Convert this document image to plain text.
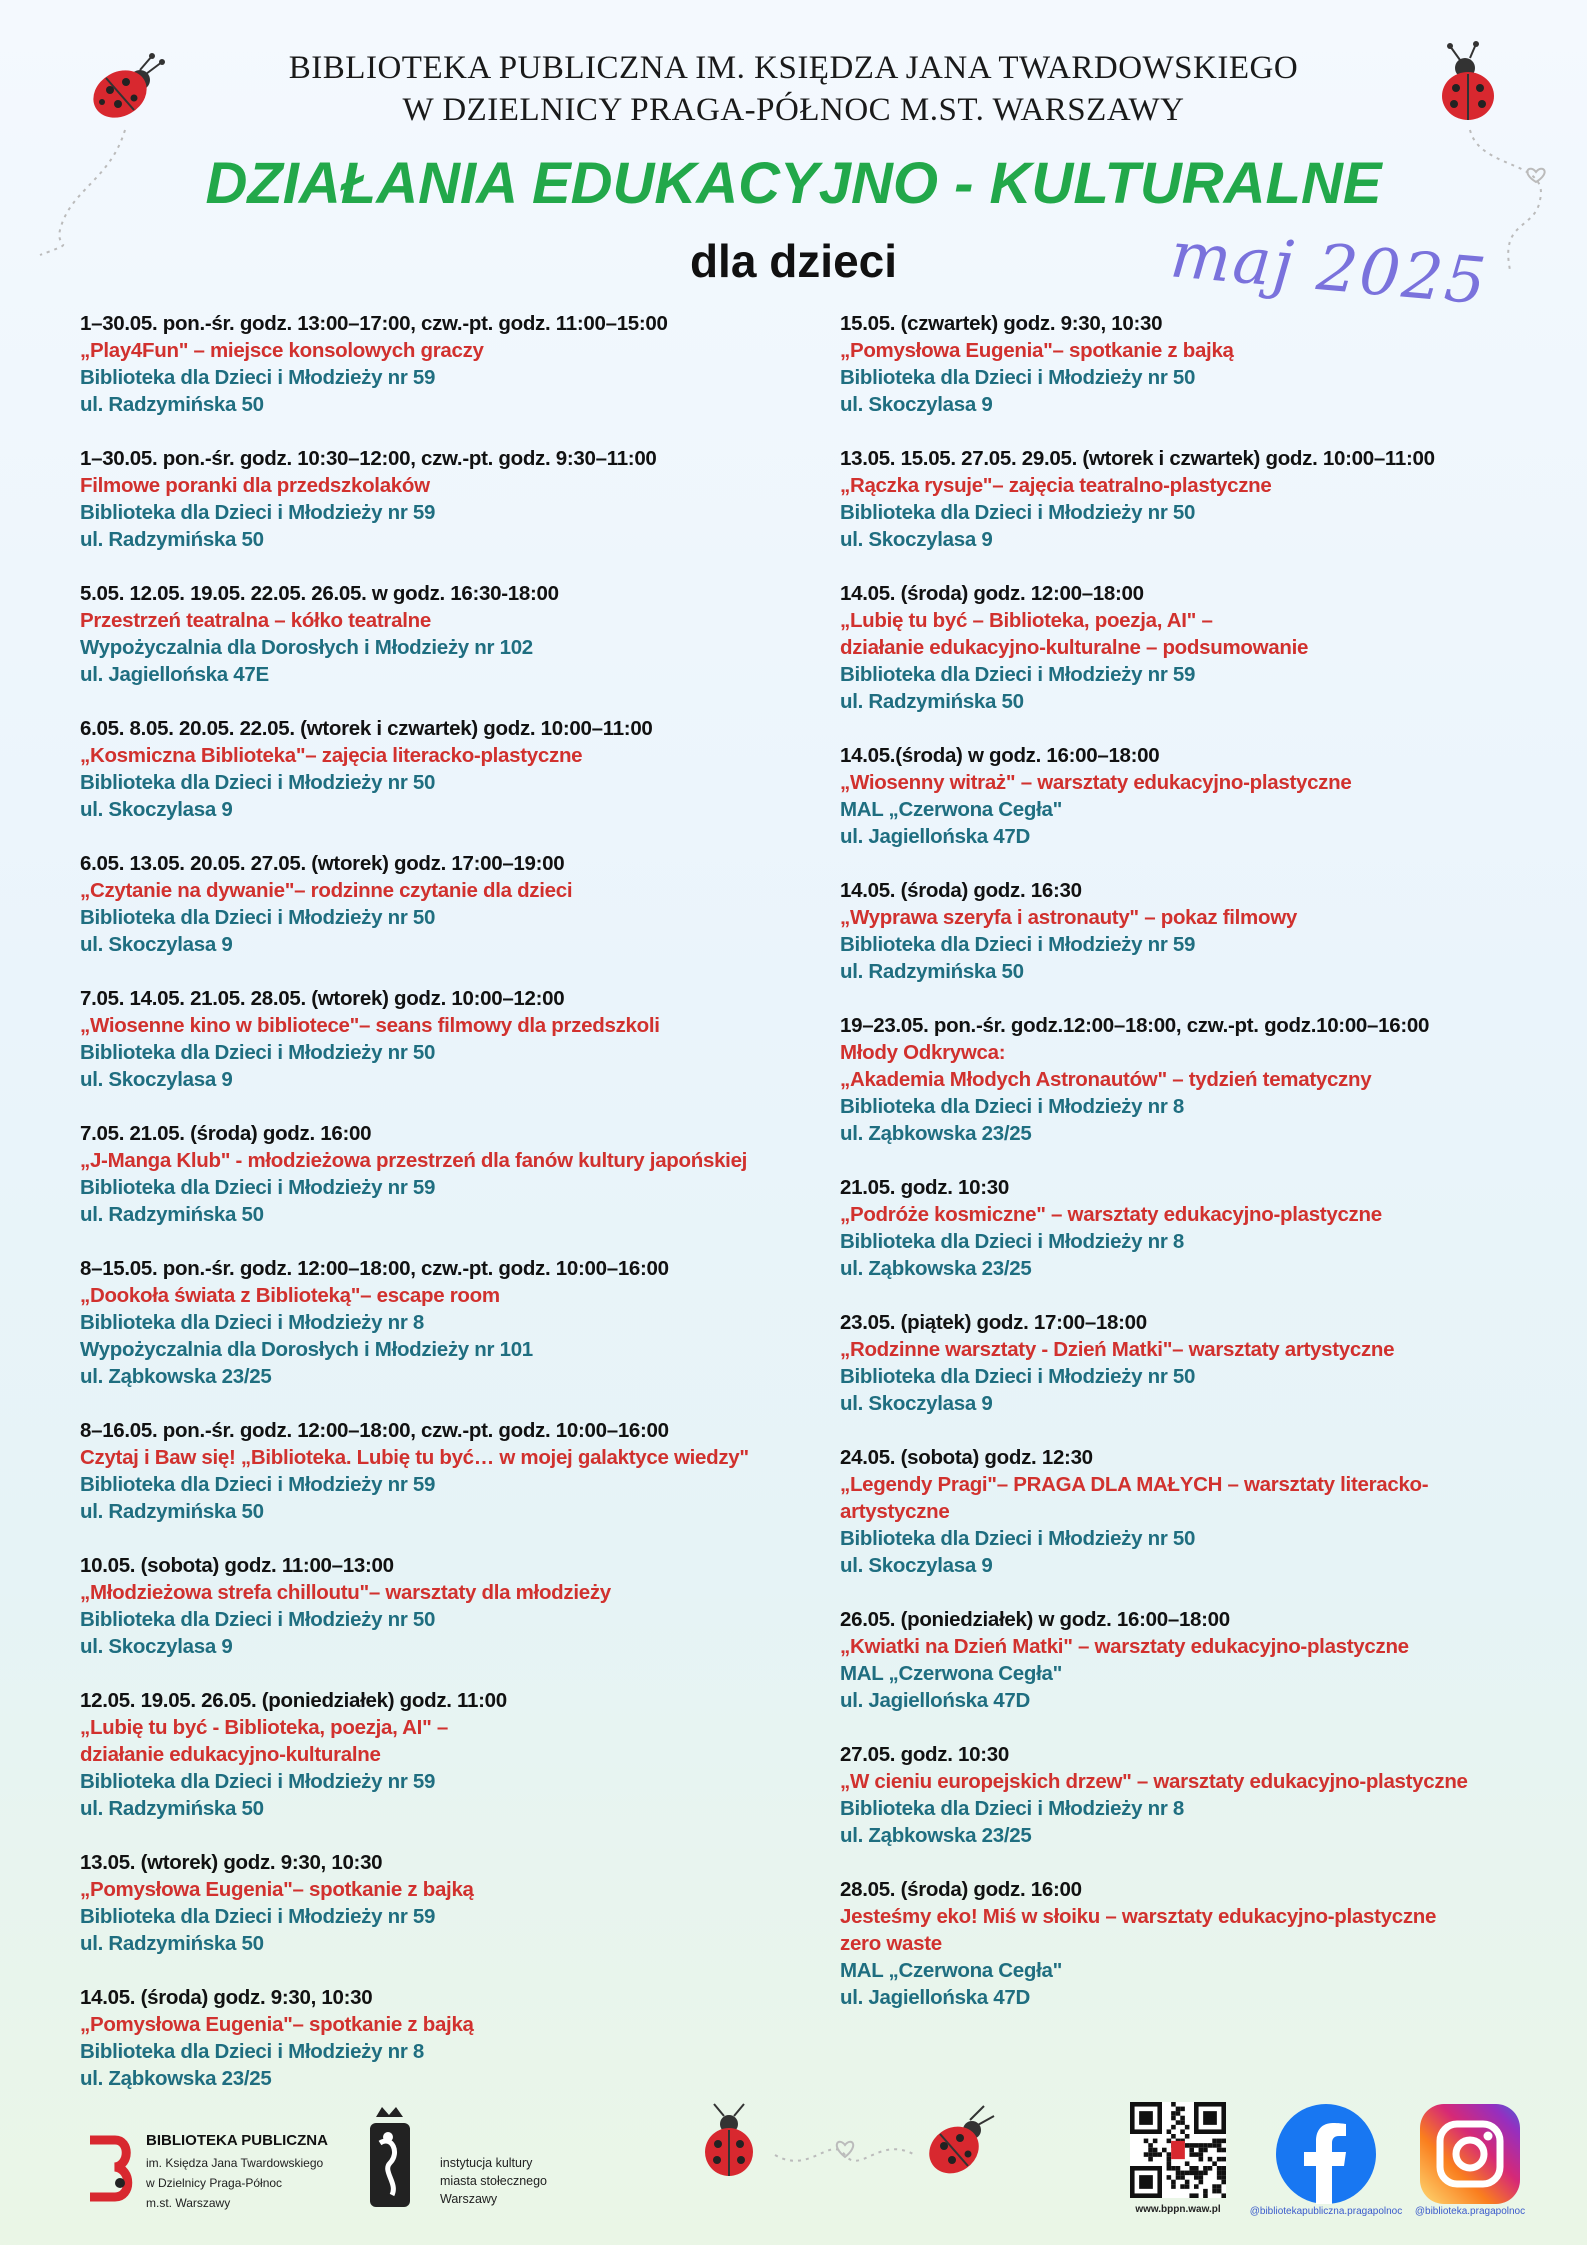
BIBLIOTEKA PUBLICZNA IM. KSIĘDZA JANA TWARDOWSKIEGO
W DZIELNICY PRAGA-PÓŁNOC M.ST. WARSZAWY
DZIAŁANIA EDUKACYJNO - KULTURALNE
dla dzieci	maj 2025
1–30.05. pon.-śr. godz. 13:00–17:00, czw.-pt. godz. 11:00–15:00
„Play4Fun" – miejsce konsolowych graczy
Biblioteka dla Dzieci i Młodzieży nr 59
ul. Radzymińska 50
1–30.05. pon.-śr. godz. 10:30–12:00, czw.-pt. godz. 9:30–11:00
Filmowe poranki dla przedszkolaków
Biblioteka dla Dzieci i Młodzieży nr 59
ul. Radzymińska 50
5.05. 12.05. 19.05. 22.05. 26.05. w godz. 16:30-18:00
Przestrzeń teatralna – kółko teatralne
Wypożyczalnia dla Dorosłych i Młodzieży nr 102
ul. Jagiellońska 47E
6.05. 8.05. 20.05. 22.05. (wtorek i czwartek) godz. 10:00–11:00
„Kosmiczna Biblioteka"– zajęcia literacko-plastyczne
Biblioteka dla Dzieci i Młodzieży nr 50
ul. Skoczylasa 9
6.05. 13.05. 20.05. 27.05. (wtorek) godz. 17:00–19:00
„Czytanie na dywanie"– rodzinne czytanie dla dzieci
Biblioteka dla Dzieci i Młodzieży nr 50
ul. Skoczylasa 9
7.05. 14.05. 21.05. 28.05. (wtorek) godz. 10:00–12:00
„Wiosenne kino w bibliotece"– seans filmowy dla przedszkoli
Biblioteka dla Dzieci i Młodzieży nr 50
ul. Skoczylasa 9
7.05. 21.05. (środa) godz. 16:00
„J-Manga Klub" - młodzieżowa przestrzeń dla fanów kultury japońskiej
Biblioteka dla Dzieci i Młodzieży nr 59
ul. Radzymińska 50
8–15.05. pon.-śr. godz. 12:00–18:00, czw.-pt. godz. 10:00–16:00
„Dookoła świata z Biblioteką"– escape room
Biblioteka dla Dzieci i Młodzieży nr 8
Wypożyczalnia dla Dorosłych i Młodzieży nr 101
ul. Ząbkowska 23/25
8–16.05. pon.-śr. godz. 12:00–18:00, czw.-pt. godz. 10:00–16:00
Czytaj i Baw się! „Biblioteka. Lubię tu być… w mojej galaktyce wiedzy"
Biblioteka dla Dzieci i Młodzieży nr 59
ul. Radzymińska 50
10.05. (sobota) godz. 11:00–13:00
„Młodzieżowa strefa chilloutu"– warsztaty dla młodzieży
Biblioteka dla Dzieci i Młodzieży nr 50
ul. Skoczylasa 9
12.05. 19.05. 26.05. (poniedziałek) godz. 11:00
„Lubię tu być - Biblioteka, poezja, AI" –
działanie edukacyjno-kulturalne
Biblioteka dla Dzieci i Młodzieży nr 59
ul. Radzymińska 50
13.05. (wtorek) godz. 9:30, 10:30
„Pomysłowa Eugenia"– spotkanie z bajką
Biblioteka dla Dzieci i Młodzieży nr 59
ul. Radzymińska 50
14.05. (środa) godz. 9:30, 10:30
„Pomysłowa Eugenia"– spotkanie z bajką
Biblioteka dla Dzieci i Młodzieży nr 8
ul. Ząbkowska 23/25
15.05. (czwartek) godz. 9:30, 10:30
„Pomysłowa Eugenia"– spotkanie z bajką
Biblioteka dla Dzieci i Młodzieży nr 50
ul. Skoczylasa 9
13.05. 15.05. 27.05. 29.05. (wtorek i czwartek) godz. 10:00–11:00
„Rączka rysuje"– zajęcia teatralno-plastyczne
Biblioteka dla Dzieci i Młodzieży nr 50
ul. Skoczylasa 9
14.05. (środa) godz. 12:00–18:00
„Lubię tu być – Biblioteka, poezja, AI" –
działanie edukacyjno-kulturalne – podsumowanie
Biblioteka dla Dzieci i Młodzieży nr 59
ul. Radzymińska 50
14.05.(środa) w godz. 16:00–18:00
„Wiosenny witraż" – warsztaty edukacyjno-plastyczne
MAL „Czerwona Cegła"
ul. Jagiellońska 47D
14.05. (środa) godz. 16:30
„Wyprawa szeryfa i astronauty" – pokaz filmowy
Biblioteka dla Dzieci i Młodzieży nr 59
ul. Radzymińska 50
19–23.05. pon.-śr. godz.12:00–18:00, czw.-pt. godz.10:00–16:00
Młody Odkrywca:
„Akademia Młodych Astronautów" – tydzień tematyczny
Biblioteka dla Dzieci i Młodzieży nr 8
ul. Ząbkowska 23/25
21.05. godz. 10:30
„Podróże kosmiczne" – warsztaty edukacyjno-plastyczne
Biblioteka dla Dzieci i Młodzieży nr 8
ul. Ząbkowska 23/25
23.05. (piątek) godz. 17:00–18:00
„Rodzinne warsztaty - Dzień Matki"– warsztaty artystyczne
Biblioteka dla Dzieci i Młodzieży nr 50
ul. Skoczylasa 9
24.05. (sobota) godz. 12:30
„Legendy Pragi"– PRAGA DLA MAŁYCH – warsztaty literacko-
artystyczne
Biblioteka dla Dzieci i Młodzieży nr 50
ul. Skoczylasa 9
26.05. (poniedziałek) w godz. 16:00–18:00
„Kwiatki na Dzień Matki" – warsztaty edukacyjno-plastyczne
MAL „Czerwona Cegła"
ul. Jagiellońska 47D
27.05. godz. 10:30
„W cieniu europejskich drzew" – warsztaty edukacyjno-plastyczne
Biblioteka dla Dzieci i Młodzieży nr 8
ul. Ząbkowska 23/25
28.05. (środa) godz. 16:00
Jesteśmy eko! Miś w słoiku – warsztaty edukacyjno-plastyczne
zero waste
MAL „Czerwona Cegła"
ul. Jagiellońska 47D
BIBLIOTEKA PUBLICZNA
im. Księdza Jana Twardowskiego
w Dzielnicy Praga-Północ
m.st. Warszawy
instytucja kultury
miasta stołecznego
Warszawy
www.bppn.waw.pl	@bibliotekapubliczna.pragapolnoc	@biblioteka.pragapolnoc
